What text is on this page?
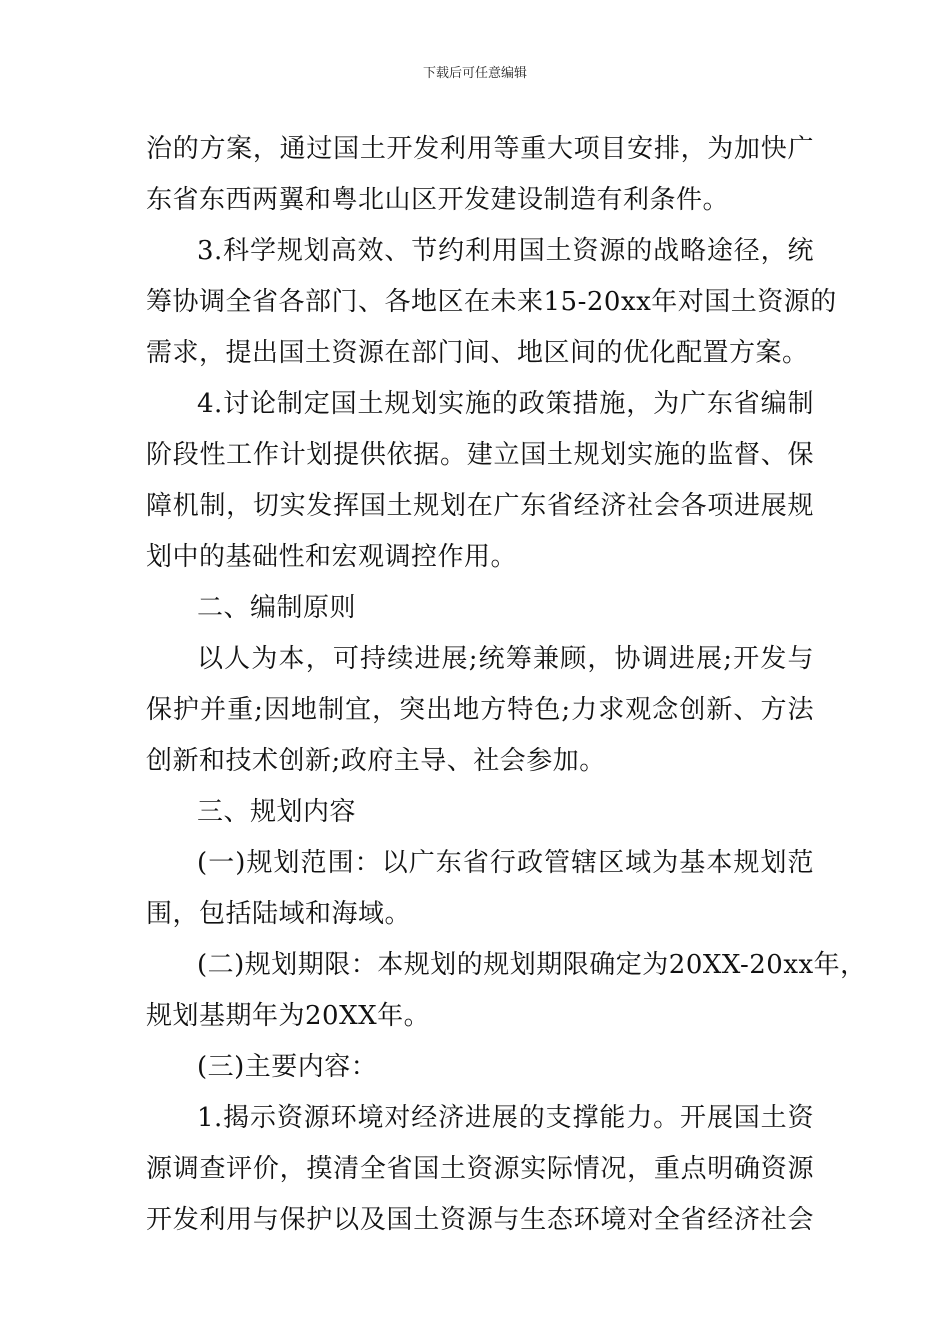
下载后可任意编辑
治的方案，通过国土开发利用等重大项目安排，为加快广
东省东西两翼和粤北山区开发建设制造有利条件。
3.科学规划高效、节约利用国土资源的战略途径，统
筹协调全省各部门、各地区在未来15-20xx年对国土资源的
需求，提出国土资源在部门间、地区间的优化配置方案。
4.讨论制定国土规划实施的政策措施，为广东省编制
阶段性工作计划提供依据。建立国土规划实施的监督、保
障机制，切实发挥国土规划在广东省经济社会各项进展规
划中的基础性和宏观调控作用。
二、编制原则
以人为本，可持续进展;统筹兼顾，协调进展;开发与
保护并重;因地制宜，突出地方特色;力求观念创新、方法
创新和技术创新;政府主导、社会参加。
三、规划内容
(一)规划范围：以广东省行政管辖区域为基本规划范
围，包括陆域和海域。
(二)规划期限：本规划的规划期限确定为20XX-20xx年，
规划基期年为20XX年。
(三)主要内容：
1.揭示资源环境对经济进展的支撑能力。开展国土资
源调查评价，摸清全省国土资源实际情况，重点明确资源
开发利用与保护以及国土资源与生态环境对全省经济社会
